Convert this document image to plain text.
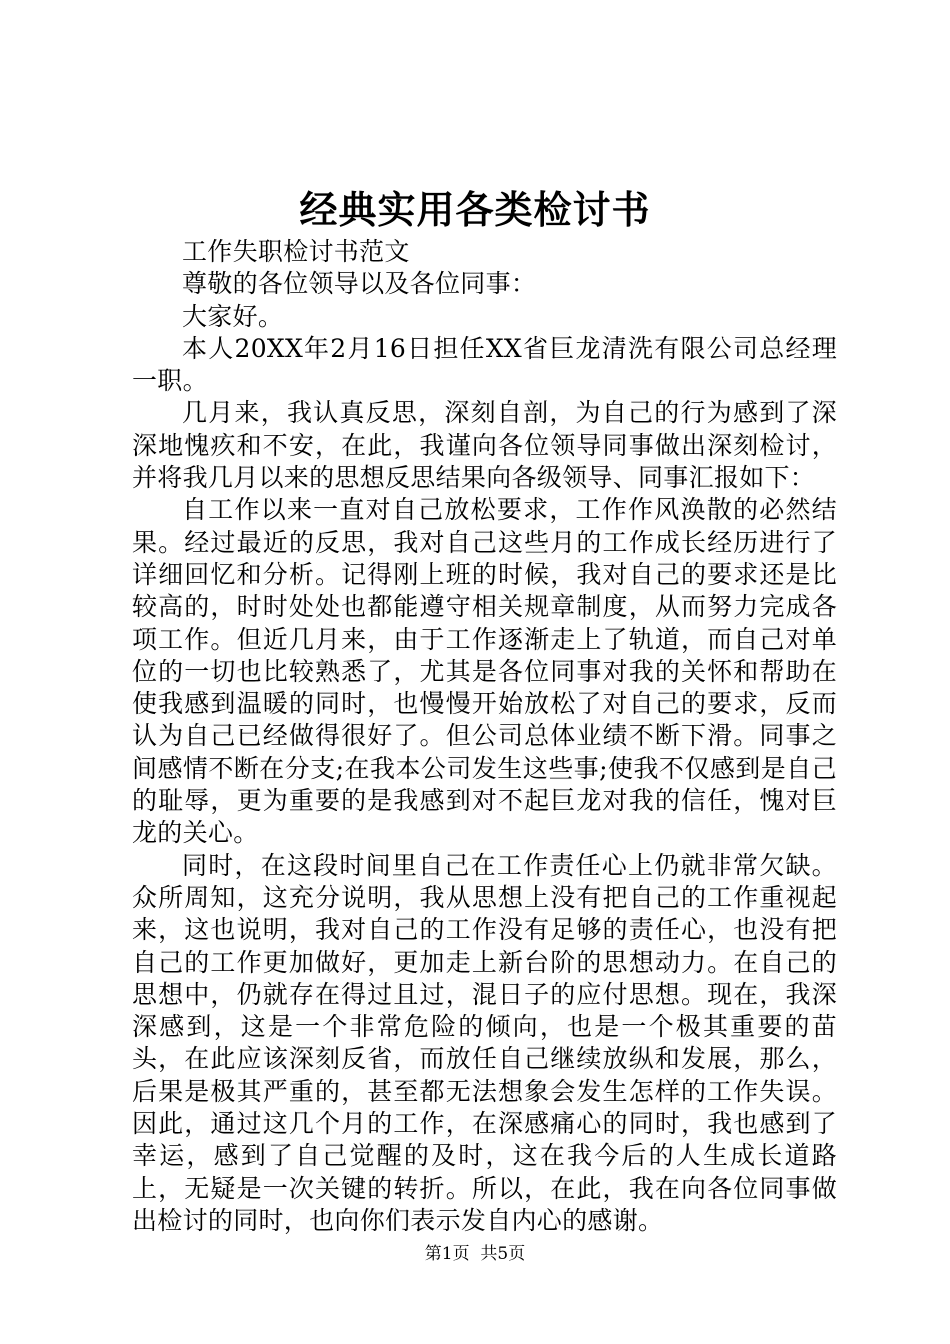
经典实用各类检讨书

工作失职检讨书范文

尊敬的各位领导以及各位同事：

大家好。

本人20XX年2月16日担任XX省巨龙清洗有限公司总经理一职。

几月来，我认真反思，深刻自剖，为自己的行为感到了深深地愧疚和不安，在此，我谨向各位领导同事做出深刻检讨，并将我几月以来的思想反思结果向各级领导、同事汇报如下：

自工作以来一直对自己放松要求，工作作风涣散的必然结果。经过最近的反思，我对自己这些月的工作成长经历进行了详细回忆和分析。记得刚上班的时候，我对自己的要求还是比较高的，时时处处也都能遵守相关规章制度，从而努力完成各项工作。但近几月来，由于工作逐渐走上了轨道，而自己对单位的一切也比较熟悉了，尤其是各位同事对我的关怀和帮助在使我感到温暖的同时，也慢慢开始放松了对自己的要求，反而认为自己已经做得很好了。但公司总体业绩不断下滑。同事之间感情不断在分支;在我本公司发生这些事;使我不仅感到是自己的耻辱，更为重要的是我感到对不起巨龙对我的信任，愧对巨龙的关心。

同时，在这段时间里自己在工作责任心上仍就非常欠缺。众所周知，这充分说明，我从思想上没有把自己的工作重视起来，这也说明，我对自己的工作没有足够的责任心，也没有把自己的工作更加做好，更加走上新台阶的思想动力。在自己的思想中，仍就存在得过且过，混日子的应付思想。现在，我深深感到，这是一个非常危险的倾向，也是一个极其重要的苗头，在此应该深刻反省，而放任自己继续放纵和发展，那么，后果是极其严重的，甚至都无法想象会发生怎样的工作失误。因此，通过这几个月的工作，在深感痛心的同时，我也感到了幸运，感到了自己觉醒的及时，这在我今后的人生成长道路上，无疑是一次关键的转折。所以，在此，我在向各位同事做出检讨的同时，也向你们表示发自内心的感谢。

第1页  共5页
